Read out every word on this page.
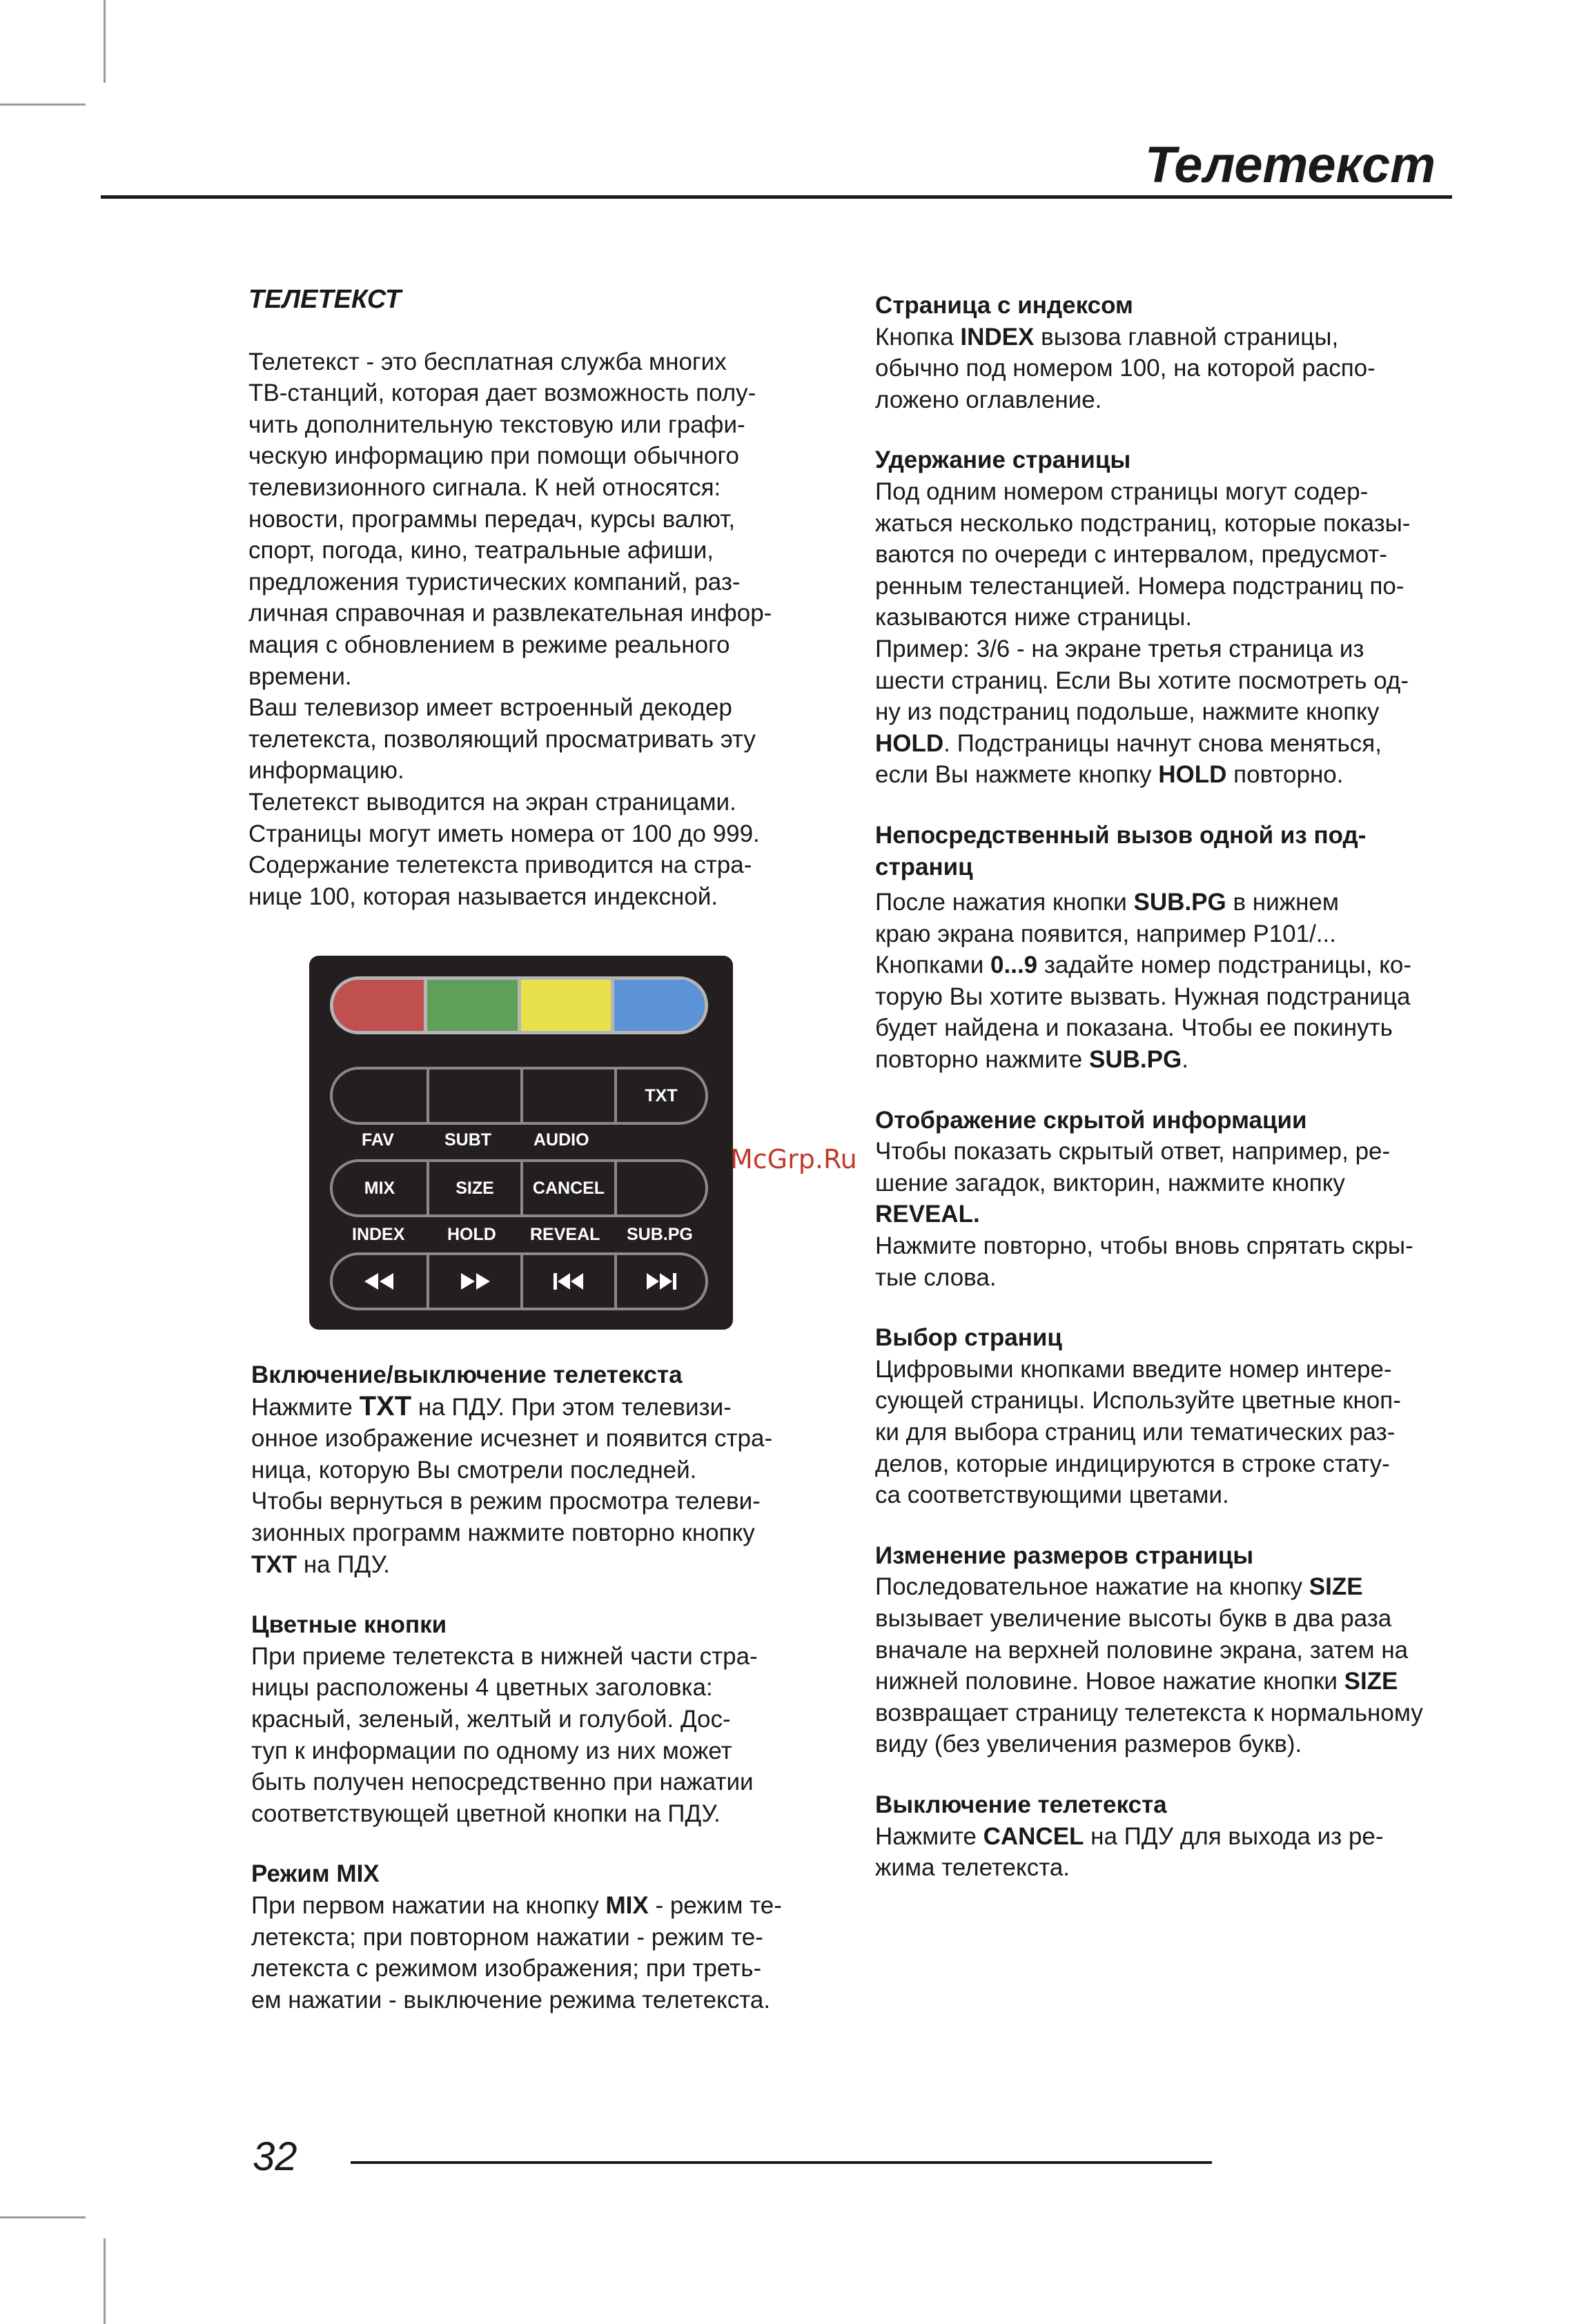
Телетекст

ТЕЛЕТЕКСТ

Телетекст - это бесплатная служба многих

ТВ-станций, которая дает возможность полу-

чить дополнительную текстовую или графи-

ческую информацию при помощи обычного

телевизионного сигнала. К ней относятся:

новости, программы передач, курсы валют,

спорт, погода, кино, театральные афиши,

предложения туристических компаний, раз-

личная справочная и развлекательная инфор-

мация с обновлением в режиме реального

времени.

Ваш телевизор имеет встроенный декодер

телетекста, позволяющий просматривать эту

информацию.

Телетекст выводится на экран страницами.

Страницы могут иметь номера от 100 до 999.

Содержание телетекста приводится на стра-

нице 100, которая называется индексной.

TXT
FAV	SUBT AUDIO
MIX	SIZE	CANCEL
INDEX HOLD REVEAL SUB.PG
McGrp.Ru

Включение/выключение телетекста

Нажмите TXT на ПДУ. При этом телевизи-

онное изображение исчезнет и появится стра-

ница, которую Вы смотрели последней.

Чтобы вернуться в режим просмотра телеви-

зионных программ нажмите повторно кнопку

TXT на ПДУ.

Цветные кнопки

При приеме телетекста в нижней части стра-

ницы расположены 4 цветных заголовка:

красный, зеленый, желтый и голубой. Дос-

туп к информации по одному из них может

быть получен непосредственно при нажатии

соответствующей цветной кнопки на ПДУ.

Режим MIX

При первом нажатии на кнопку MIX - режим те-

летекста; при повторном нажатии - режим те-

летекста с режимом изображения; при треть-

ем нажатии - выключение режима телетекста.

Страница с индексом

Кнопка INDEX вызова главной страницы,

обычно под номером 100, на которой распо-

ложено оглавление.

Удержание страницы

Под одним номером страницы могут содер-

жаться несколько подстраниц, которые показы-

ваются по очереди с интервалом, предусмот-

ренным телестанцией. Номера подстраниц по-

казываются ниже страницы.

Пример: 3/6 - на экране третья страница из

шести страниц. Если Вы хотите посмотреть од-

ну из подстраниц подольше, нажмите кнопку

HOLD. Подстраницы начнут снова меняться,

если Вы нажмете кнопку HOLD повторно.

Непосредственный вызов одной из под-

страниц

После нажатия кнопки SUB.PG в нижнем

краю экрана появится, например Р101/...

Кнопками 0...9 задайте номер подстраницы, ко-

торую Вы хотите вызвать. Нужная подстраница

будет найдена и показана. Чтобы ее покинуть

повторно нажмите SUB.PG.

Отображение скрытой информации

Чтобы показать скрытый ответ, например, ре-

шение загадок, викторин, нажмите кнопку

REVEAL.

Нажмите повторно, чтобы вновь спрятать скры-

тые слова.

Выбор страниц

Цифровыми кнопками введите номер интере-

сующей страницы. Используйте цветные кноп-

ки для выбора страниц или тематических раз-

делов, которые индицируются в строке стату-

са соответствующими цветами.

Изменение размеров страницы

Последовательное нажатие на кнопку SIZE

вызывает увеличение высоты букв в два раза

вначале на верхней половине экрана, затем на

нижней половине. Новое нажатие кнопки SIZE

возвращает страницу телетекста к нормальному

виду (без увеличения размеров букв).

Выключение телетекста

Нажмите CANCEL на ПДУ для выхода из ре-

жима телетекста.

32
